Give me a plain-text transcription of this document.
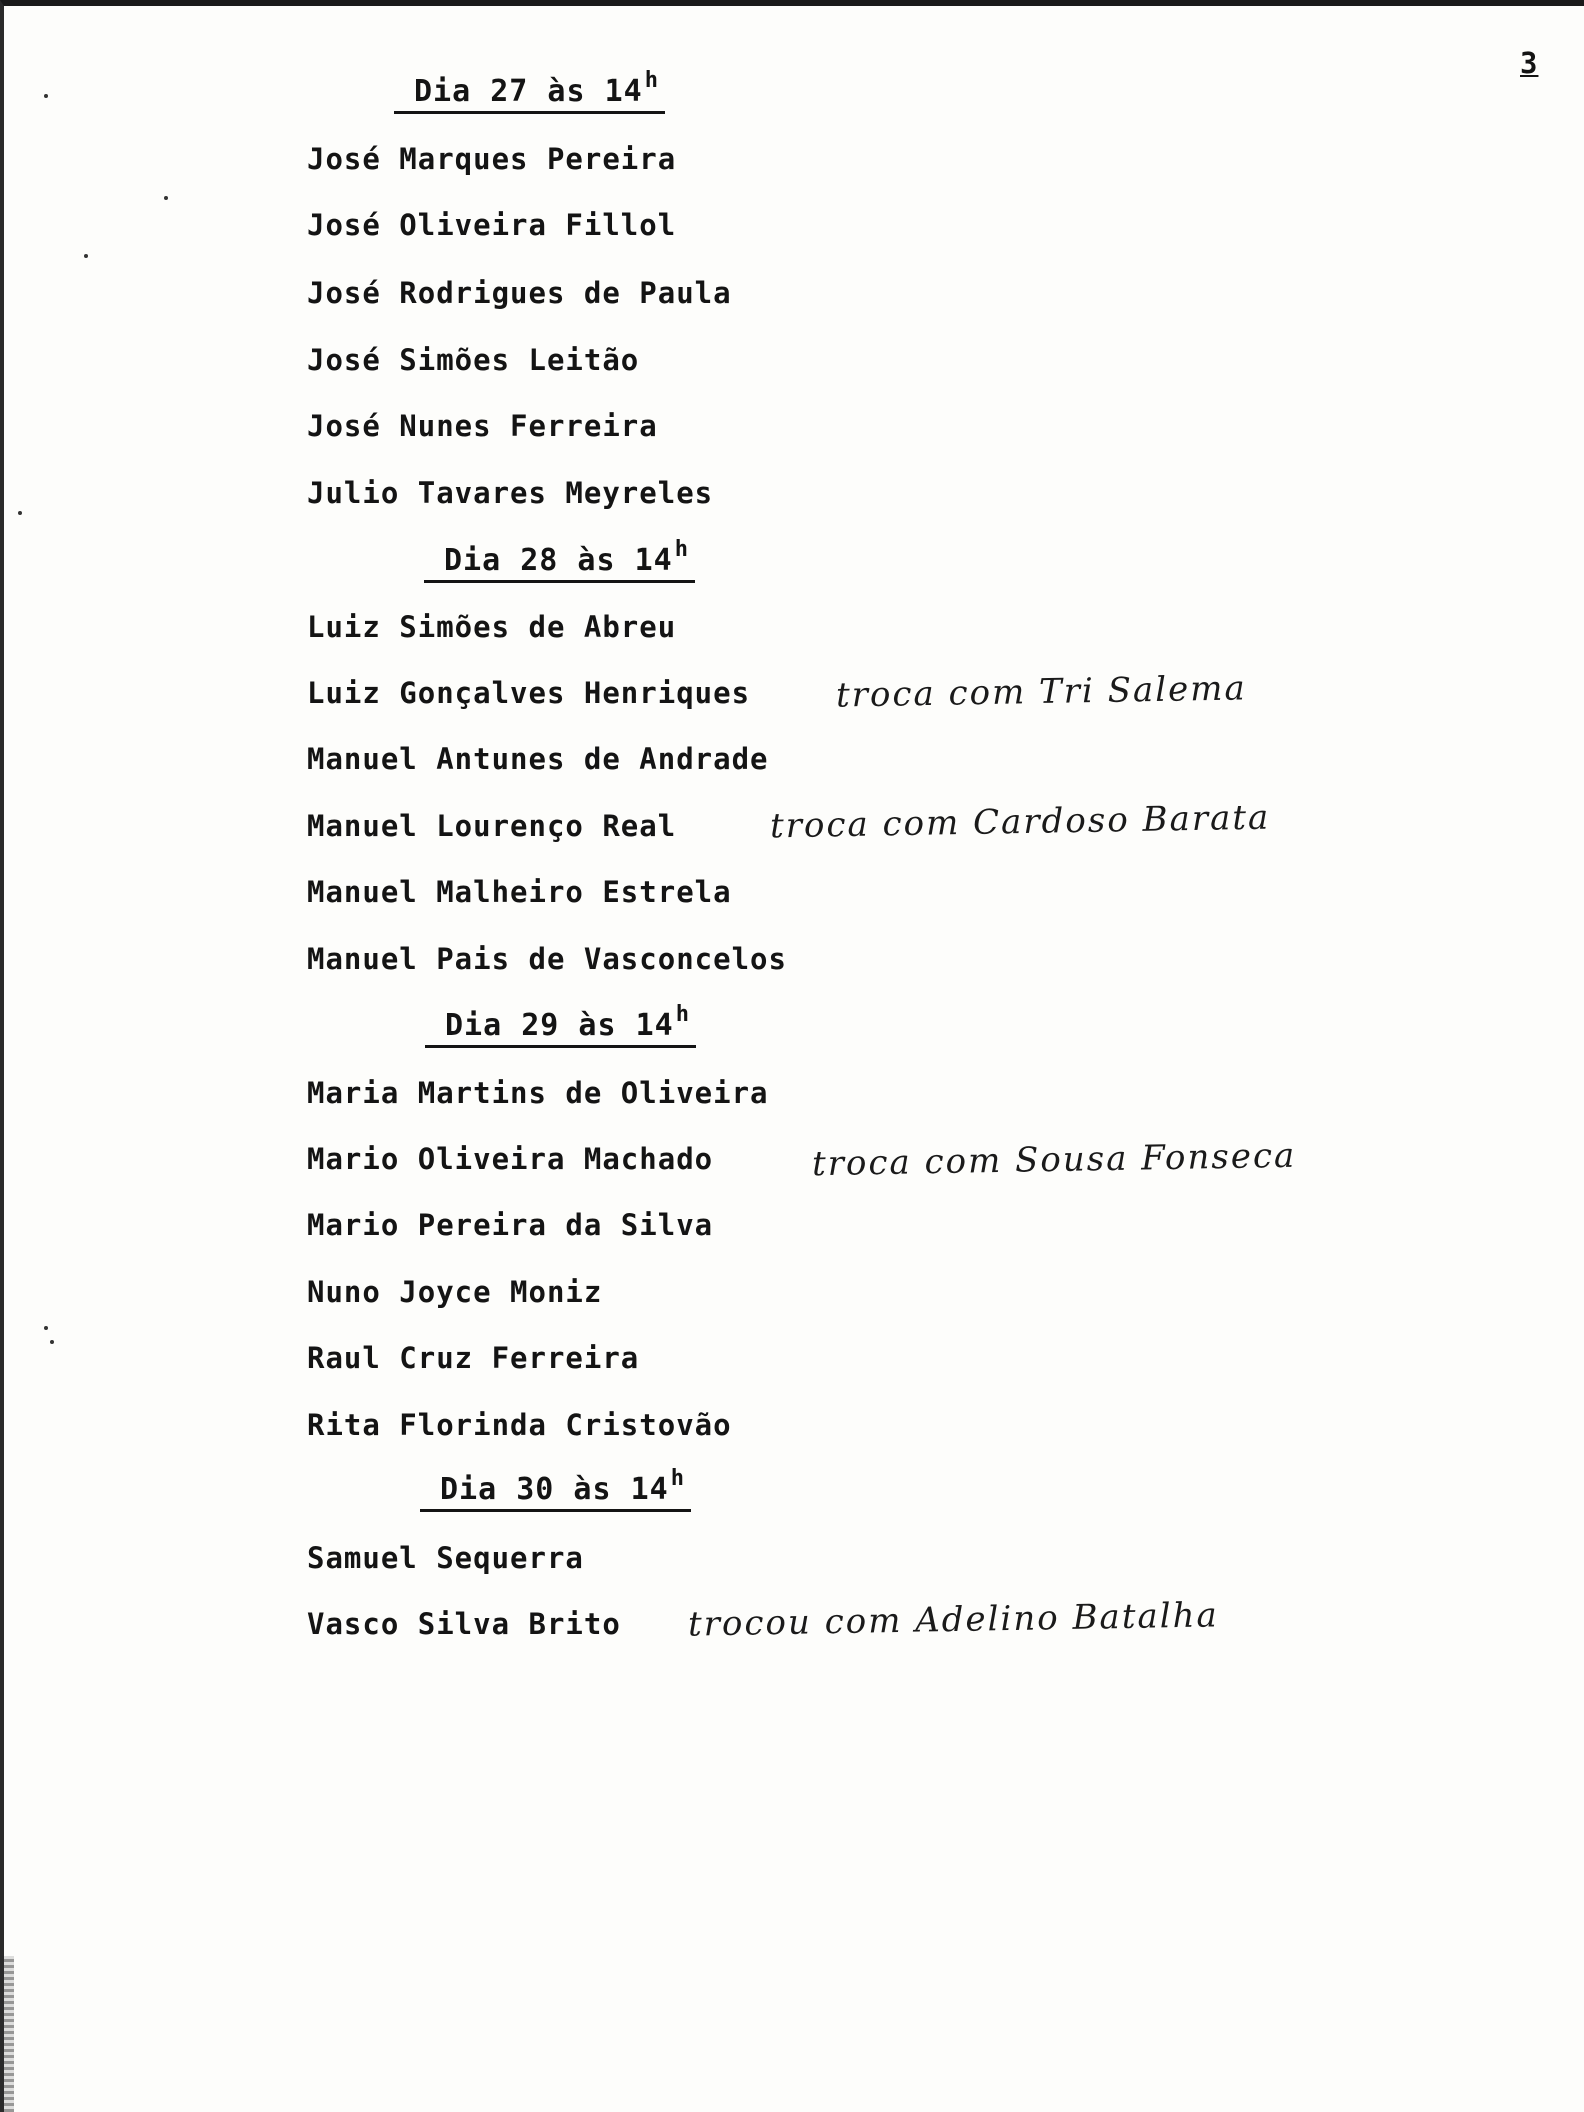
3
Dia 27 às 14$^h$
José Marques Pereira
José Oliveira Fillol
José Rodrigues de Paula
José Simões Leitão
José Nunes Ferreira
Julio Tavares Meyreles
Dia 28 às 14$^h$
Luiz Simões de Abreu
Luiz Gonçalves Henriques	troca com Tri Salema
Manuel Antunes de Andrade
Manuel Lourenço Real	troca com Cardoso Barata
Manuel Malheiro Estrela
Manuel Pais de Vasconcelos
Dia 29 às 14$^h$
Maria Martins de Oliveira
Mario Oliveira Machado	troca com Sousa Fonseca
Mario Pereira da Silva
Nuno Joyce Moniz
Raul Cruz Ferreira
Rita Florinda Cristovão
Dia 30 às 14$^h$
Samuel Sequerra
Vasco Silva Brito trocou com Adelino Batalha
